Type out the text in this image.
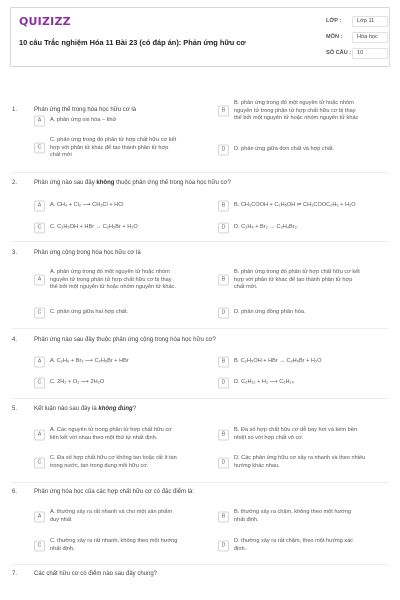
QUIZIZZ
10 câu Trắc nghiệm Hóa 11 Bài 23 (có đáp án): Phản ứng hữu cơ
LỚP :	Lớp 11
MÔN :	Hóa học
SỐ CÂU :	10
1.	Phản ứng thế trong hóa học hữu cơ là
A	A. phản ứng oxi hóa – khử
B
B. phản ứng trong đó một nguyên tử hoặc nhóm
nguyên tử trong phân tử hợp chất hữu cơ bị thay
thế bởi một nguyên tử hoặc nhóm nguyên tử khác
C
C. phản ứng trong đó phân tử hợp chất hữu cơ kết
hợp với phân tử khác để tạo thành phân tử hợp
chất mới
D	D. phản ứng giữa đơn chất và hợp chất.
2.	Phản ứng nào sau đây không thuộc phản ứng thế trong hóa học hữu cơ?
A	A. CH₄ + Cl₂ ⟶ CH₃Cl + HCl	B	B. CH₃COOH + C₂H₅OH ⇌ CH₃COOC₂H₅ + H₂O
C	C. C₂H₅OH + HBr → C₂H₅Br + H₂O	D	D. C₂H₄ + Br₂ → C₂H₄Br₂.
3.	Phản ứng cộng trong hóa học hữu cơ là
A
A. phản ứng trong đó một nguyên tử hoặc nhóm
nguyên tử trong phân tử hợp chất hữu cơ bị thay
thế bởi một nguyên tử hoặc nhóm nguyên tử khác.
B
B. phản ứng trong đó phân tử hợp chất hữu cơ kết
hợp với phân tử khác để tạo thành phân tử hợp
chất mới.
C	C. phản ứng giữa hai hợp chất.	D	D. phản ứng đồng phân hóa.
4.	Phản ứng nào sau đây thuộc phản ứng cộng trong hóa học hữu cơ?
A	A. C₂H₆ + Br₂ ⟶ C₂H₅Br + HBr	B	B. C₂H₅OH + HBr → C₂H₅Br + H₂O
C	C. 2H₂ + O₂ ⟶ 2H₂O	D	D. C₆H₁₂ + H₂ ⟶ C₆H₁₄
5.	Kết luận nào sau đây là không đúng?
A
A. Các nguyên tử trong phân tử hợp chất hữu cơ
liên kết với nhau theo một thứ tự nhất định.
B
B. Đa số hợp chất hữu cơ dễ bay hơi và kém bền
nhiệt so với hợp chất vô cơ.
C
C. Đa số hợp chất hữu cơ không tan hoặc rất ít tan
trong nước, tan trong dung môi hữu cơ.
D
D. Các phản ứng hữu cơ xảy ra nhanh và theo nhiều
hướng khác nhau.
6.	Phản ứng hóa học của các hợp chất hữu cơ có đặc điểm là:
A
A. thường xảy ra rất nhanh và cho một sản phẩm
duy nhất
B
B. thường xảy ra chậm, không theo một hướng
nhất định.
C
C. thường xảy ra rất nhanh, không theo một hướng
nhất định.
D
D. thường xảy ra rất chậm, theo một hướng xác
định.
7.	Các chất hữu cơ có điểm nào sau đây chung?
